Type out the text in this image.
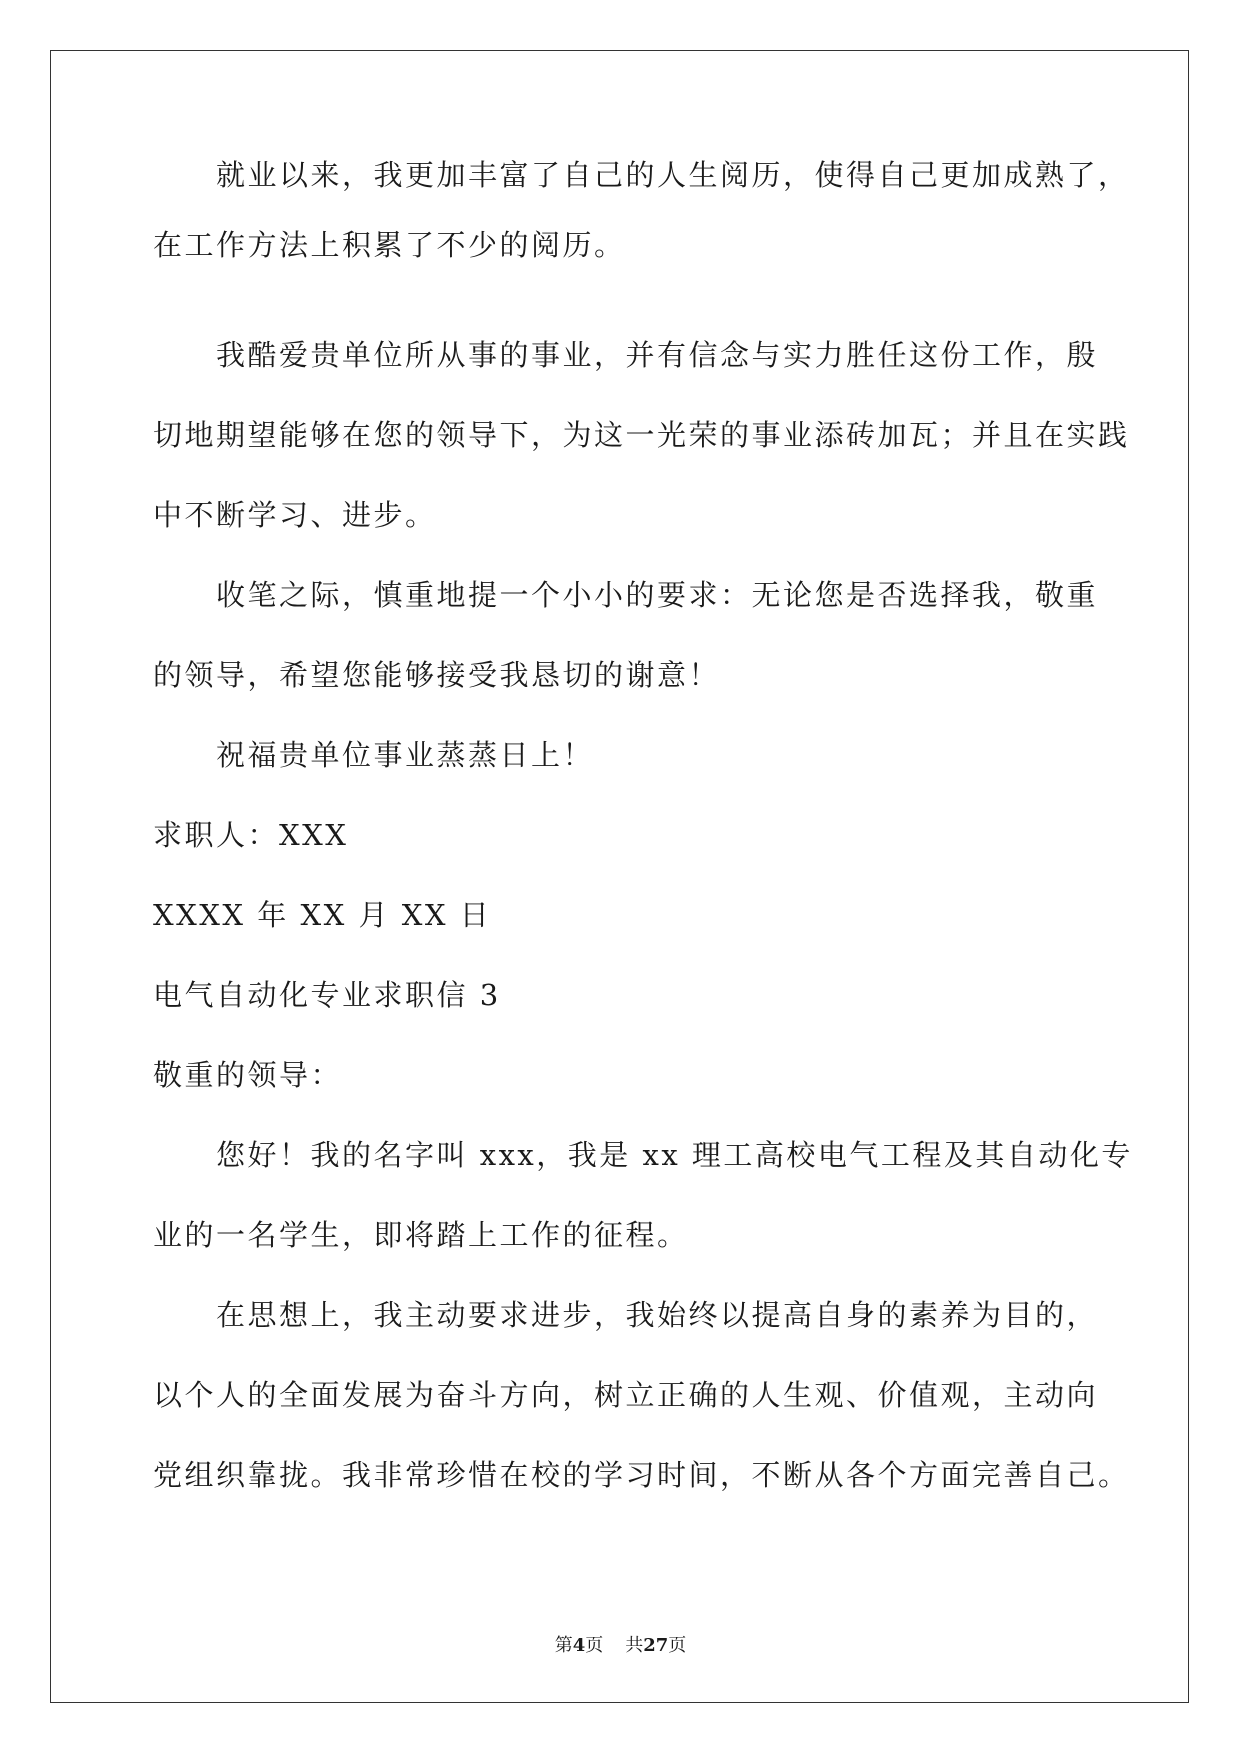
就业以来，我更加丰富了自己的人生阅历，使得自己更加成熟了，
在工作方法上积累了不少的阅历。
我酷爱贵单位所从事的事业，并有信念与实力胜任这份工作，殷
切地期望能够在您的领导下，为这一光荣的事业添砖加瓦；并且在实践
中不断学习、进步。
收笔之际，慎重地提一个小小的要求：无论您是否选择我，敬重
的领导，希望您能够接受我恳切的谢意！
祝福贵单位事业蒸蒸日上！
求职人：XXX
XXXX 年 XX 月 XX 日
电气自动化专业求职信 3
敬重的领导：
您好！我的名字叫 xxx，我是 xx 理工高校电气工程及其自动化专
业的一名学生，即将踏上工作的征程。
在思想上，我主动要求进步，我始终以提高自身的素养为目的，
以个人的全面发展为奋斗方向，树立正确的人生观、价值观，主动向
党组织靠拢。我非常珍惜在校的学习时间，不断从各个方面完善自己。
第4页 共27页
